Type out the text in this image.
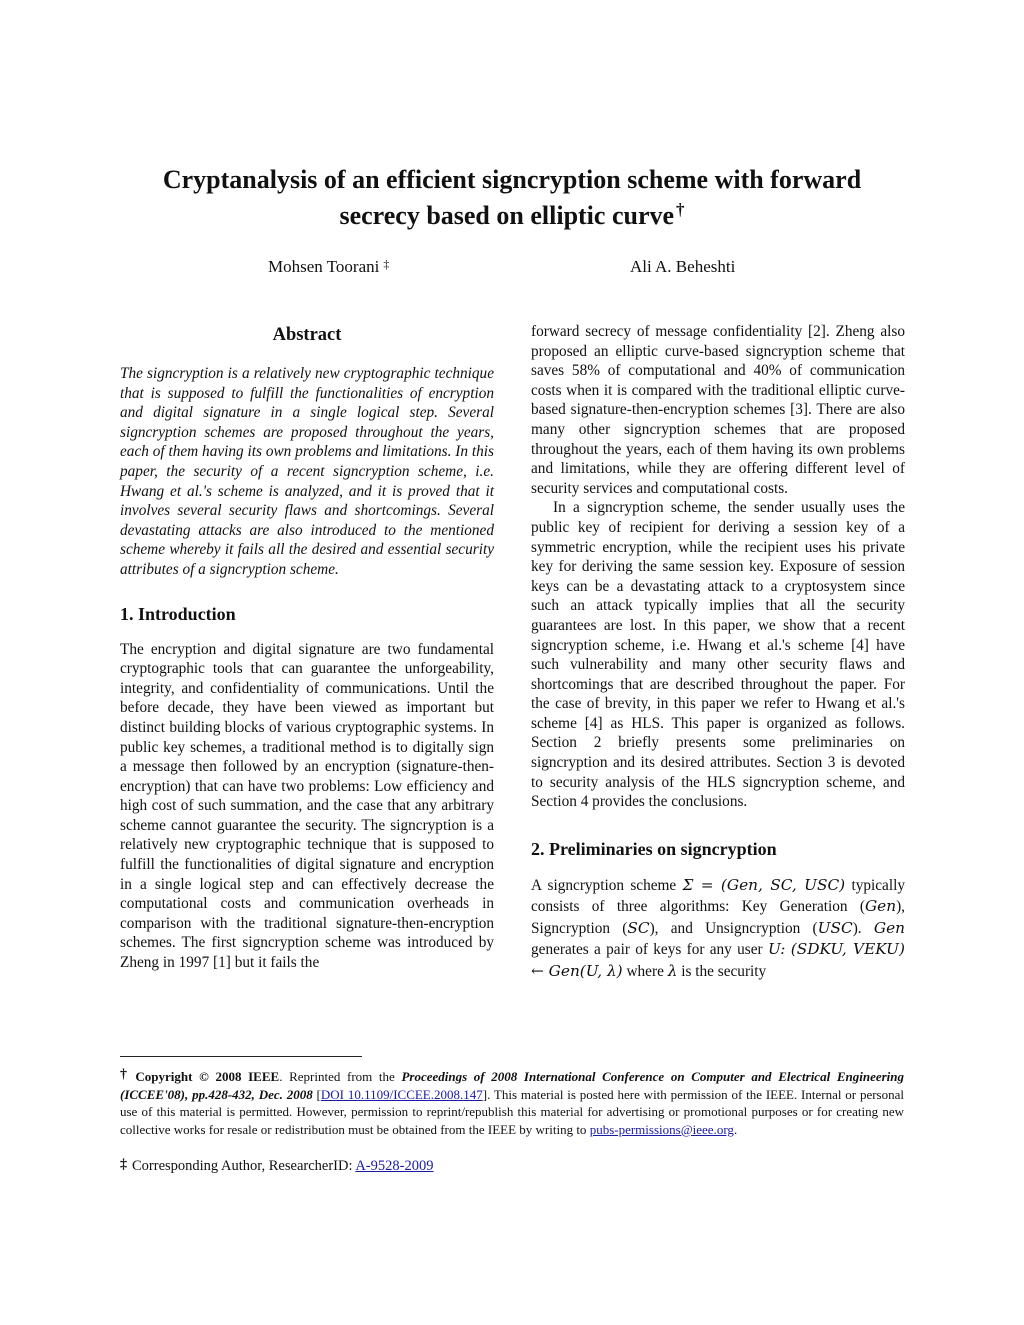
Cryptanalysis of an efficient signcryption scheme with forward
secrecy based on elliptic curve †
Mohsen Toorani ‡	Ali A. Beheshti
Abstract

The signcryption is a relatively new cryptographic technique that is supposed to fulfill the functionalities of encryption and digital signature in a single logical step. Several signcryption schemes are proposed throughout the years, each of them having its own problems and limitations. In this paper, the security of a recent signcryption scheme, i.e. Hwang et al.'s scheme is analyzed, and it is proved that it involves several security flaws and shortcomings. Several devastating attacks are also introduced to the mentioned scheme whereby it fails all the desired and essential security attributes of a signcryption scheme.

1. Introduction

The encryption and digital signature are two fundamental cryptographic tools that can guarantee the unforgeability, integrity, and confidentiality of communications. Until the before decade, they have been viewed as important but distinct building blocks of various cryptographic systems. In public key schemes, a traditional method is to digitally sign a message then followed by an encryption (signature-then-encryption) that can have two problems: Low efficiency and high cost of such summation, and the case that any arbitrary scheme cannot guarantee the security. The signcryption is a relatively new cryptographic technique that is supposed to fulfill the functionalities of digital signature and encryption in a single logical step and can effectively decrease the computational costs and communication overheads in comparison with the traditional signature-then-encryption schemes. The first signcryption scheme was introduced by Zheng in 1997 [1] but it fails the

forward secrecy of message confidentiality [2]. Zheng also proposed an elliptic curve-based signcryption scheme that saves 58% of computational and 40% of communication costs when it is compared with the traditional elliptic curve-based signature-then-encryption schemes [3]. There are also many other signcryption schemes that are proposed throughout the years, each of them having its own problems and limitations, while they are offering different level of security services and computational costs.

In a signcryption scheme, the sender usually uses the public key of recipient for deriving a session key of a symmetric encryption, while the recipient uses his private key for deriving the same session key. Exposure of session keys can be a devastating attack to a cryptosystem since such an attack typically implies that all the security guarantees are lost. In this paper, we show that a recent signcryption scheme, i.e. Hwang et al.'s scheme [4] have such vulnerability and many other security flaws and shortcomings that are described throughout the paper. For the case of brevity, in this paper we refer to Hwang et al.'s scheme [4] as HLS. This paper is organized as follows. Section 2 briefly presents some preliminaries on signcryption and its desired attributes. Section 3 is devoted to security analysis of the HLS signcryption scheme, and Section 4 provides the conclusions.

2. Preliminaries on signcryption

A signcryption scheme Σ = (Gen, SC, USC) typically consists of three algorithms: Key Generation (Gen), Signcryption (SC), and Unsigncryption (USC). Gen generates a pair of keys for any user U: (SDKU, VEKU) ← Gen(U, λ) where λ is the security

† Copyright © 2008 IEEE. Reprinted from the Proceedings of 2008 International Conference on Computer and Electrical Engineering (ICCEE'08), pp.428-432, Dec. 2008 [DOI 10.1109/ICCEE.2008.147]. This material is posted here with permission of the IEEE. Internal or personal use of this material is permitted. However, permission to reprint/republish this material for advertising or promotional purposes or for creating new collective works for resale or redistribution must be obtained from the IEEE by writing to pubs-permissions@ieee.org.
‡ Corresponding Author, ResearcherID: A-9528-2009
